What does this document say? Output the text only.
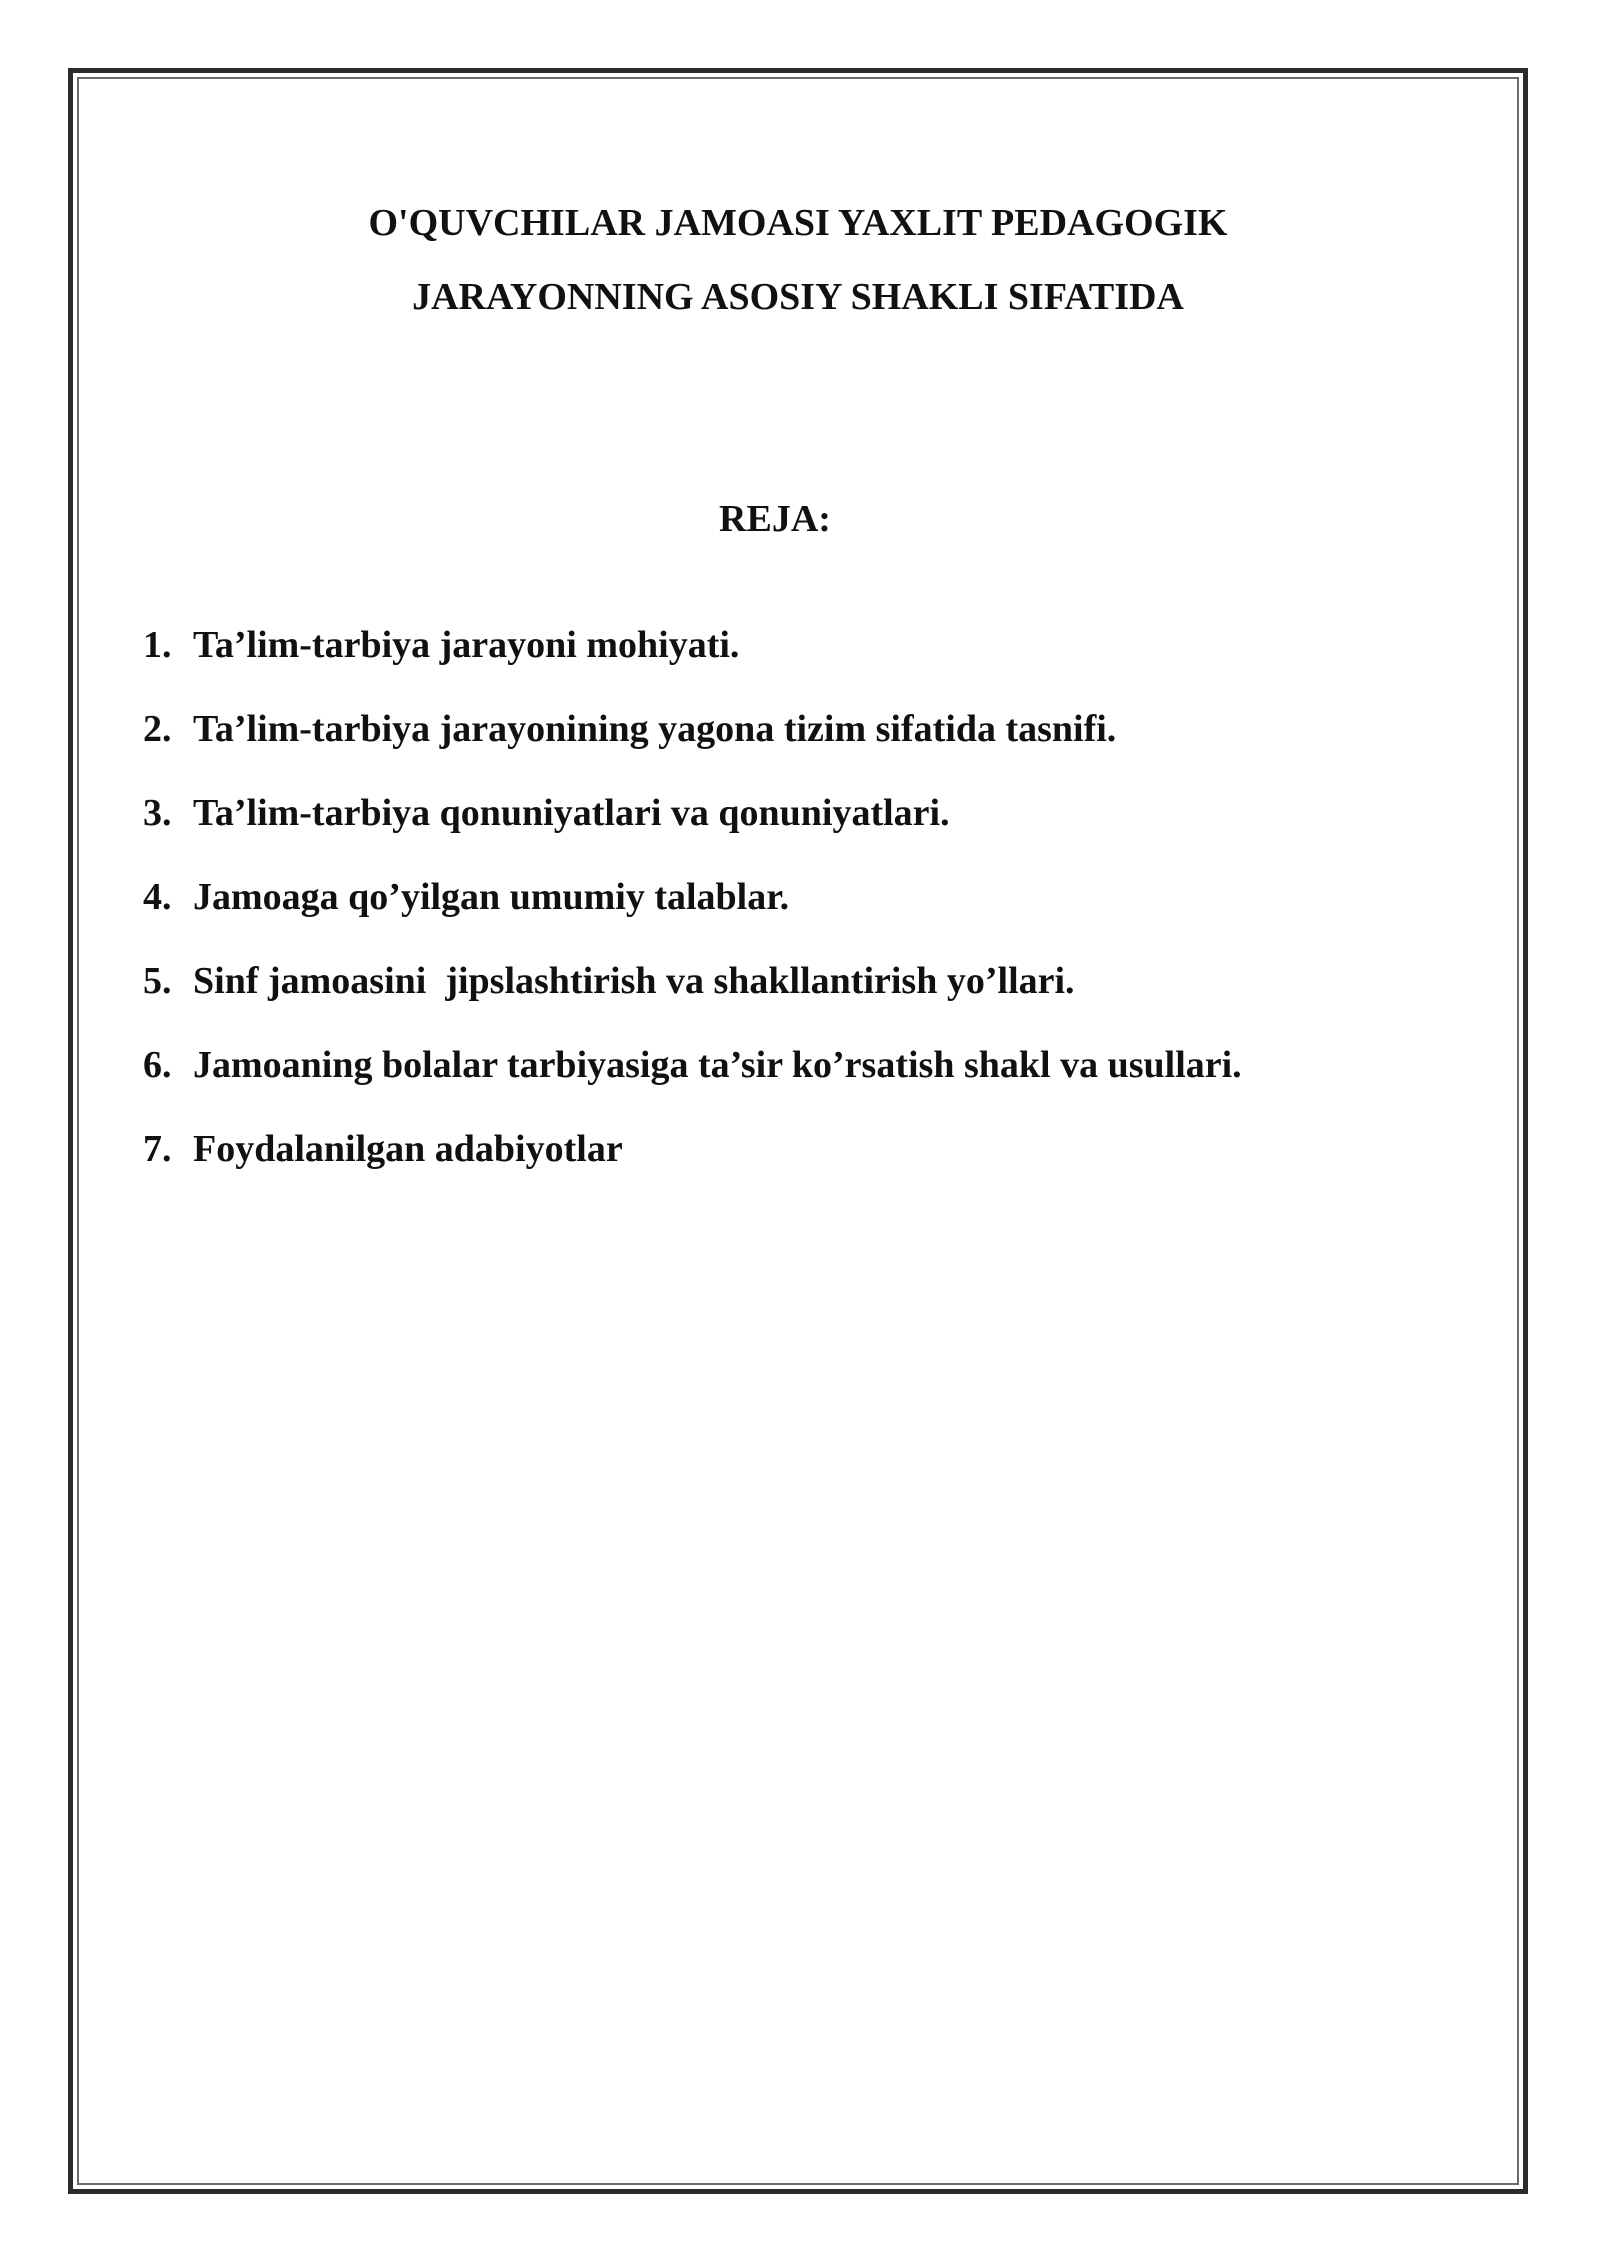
O'QUVCHILAR JAMOASI YAXLIT PEDAGOGIK
JARAYONNING ASOSIY SHAKLI SIFATIDA
REJA:
1. Ta’lim-tarbiya jarayoni mohiyati.
2. Ta’lim-tarbiya jarayonining yagona tizim sifatida tasnifi.
3. Ta’lim-tarbiya qonuniyatlari va qonuniyatlari.
4. Jamoaga qo’yilgan umumiy talablar.
5. Sinf jamoasini  jipslashtirish va shakllantirish yo’llari.
6. Jamoaning bolalar tarbiyasiga ta’sir ko’rsatish shakl va usullari.
7. Foydalanilgan adabiyotlar
